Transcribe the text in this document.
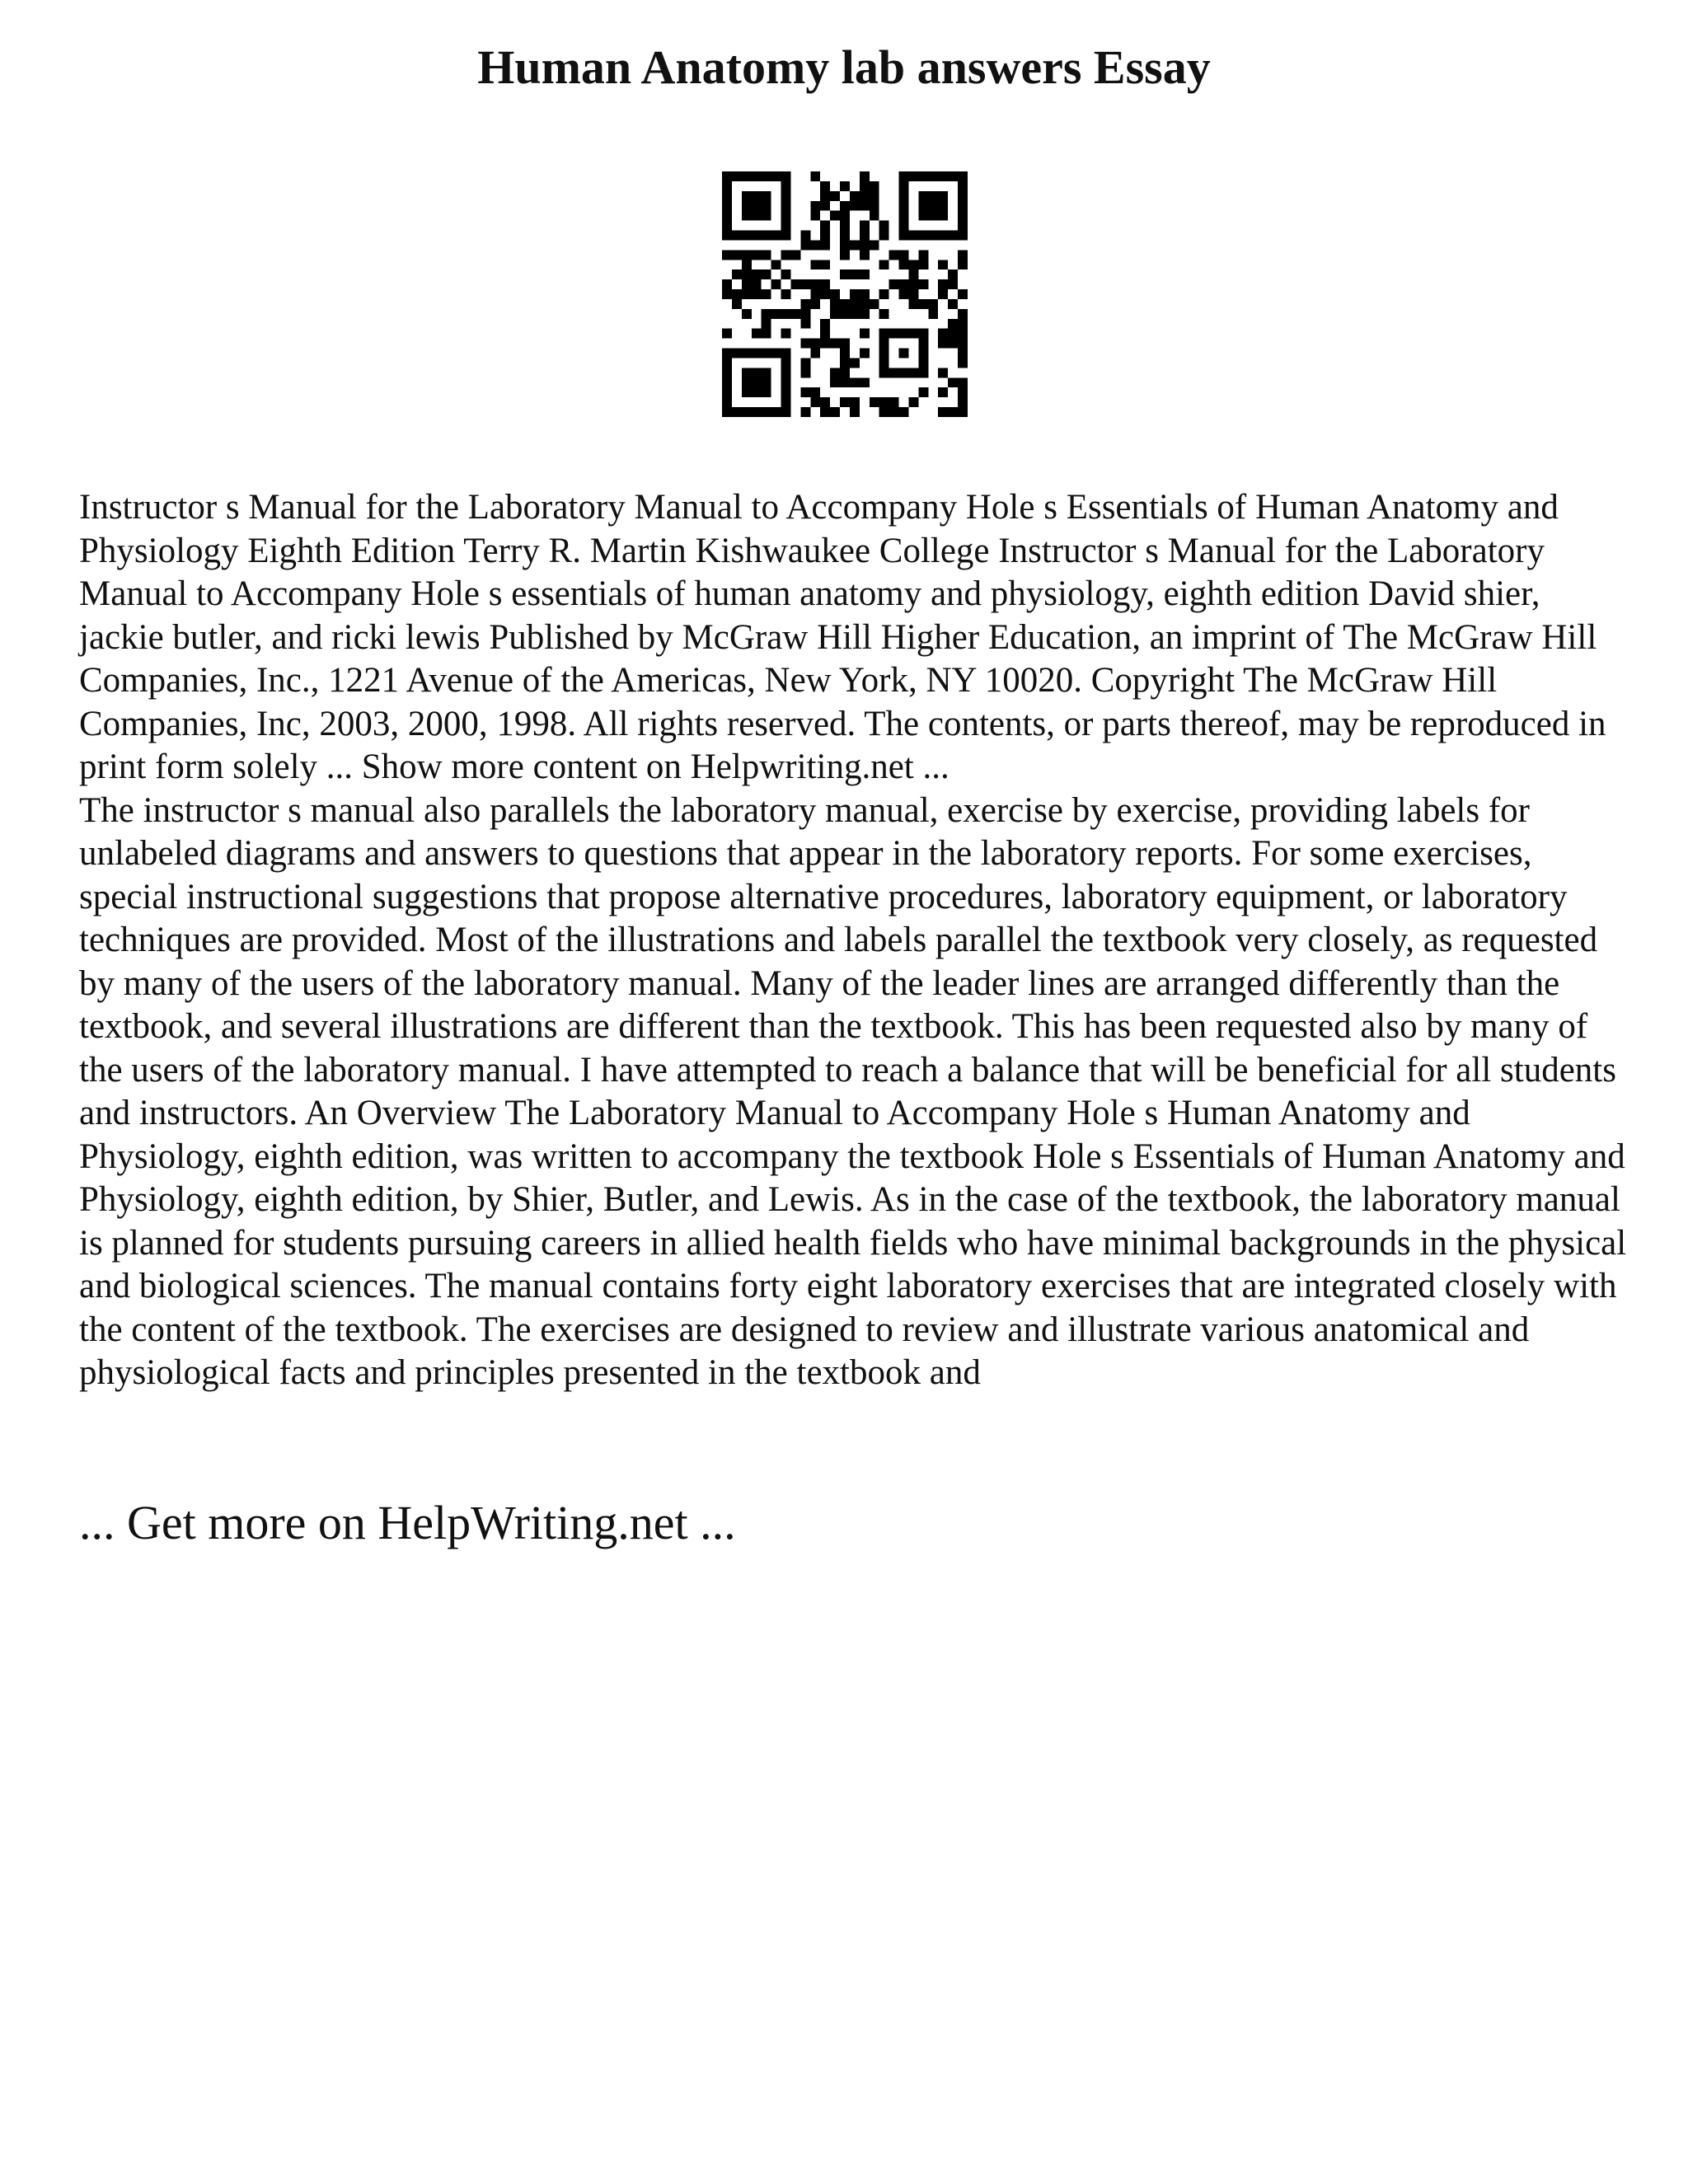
Human Anatomy lab answers Essay

Instructor s Manual for the Laboratory Manual to Accompany Hole s Essentials of Human Anatomy and Physiology Eighth Edition Terry R. Martin Kishwaukee College Instructor s Manual for the Laboratory Manual to Accompany Hole s essentials of human anatomy and physiology, eighth edition David shier, jackie butler, and ricki lewis Published by McGraw Hill Higher Education, an imprint of The McGraw Hill Companies, Inc., 1221 Avenue of the Americas, New York, NY 10020. Copyright The McGraw Hill Companies, Inc, 2003, 2000, 1998. All rights reserved. The contents, or parts thereof, may be reproduced in print form solely ... Show more content on Helpwriting.net ...

The instructor s manual also parallels the laboratory manual, exercise by exercise, providing labels for unlabeled diagrams and answers to questions that appear in the laboratory reports. For some exercises, special instructional suggestions that propose alternative procedures, laboratory equipment, or laboratory techniques are provided. Most of the illustrations and labels parallel the textbook very closely, as requested by many of the users of the laboratory manual. Many of the leader lines are arranged differently than the textbook, and several illustrations are different than the textbook. This has been requested also by many of the users of the laboratory manual. I have attempted to reach a balance that will be beneficial for all students and instructors. An Overview The Laboratory Manual to Accompany Hole s Human Anatomy and Physiology, eighth edition, was written to accompany the textbook Hole s Essentials of Human Anatomy and Physiology, eighth edition, by Shier, Butler, and Lewis. As in the case of the textbook, the laboratory manual is planned for students pursuing careers in allied health fields who have minimal backgrounds in the physical and biological sciences. The manual contains forty eight laboratory exercises that are integrated closely with the content of the textbook. The exercises are designed to review and illustrate various anatomical and physiological facts and principles presented in the textbook and

... Get more on HelpWriting.net ...
